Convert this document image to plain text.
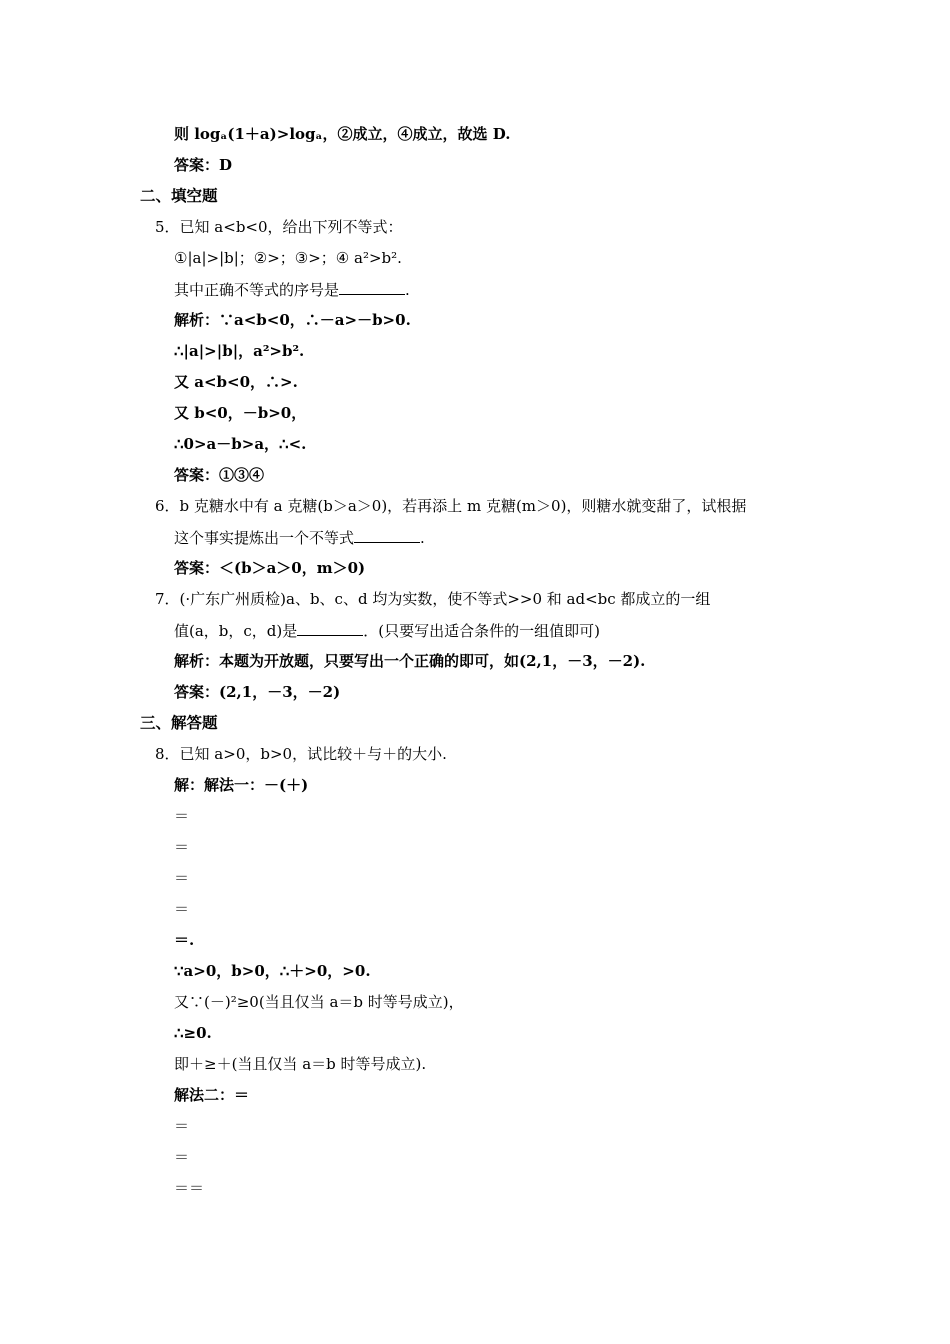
则 logₐ(1＋a)>logₐ，②成立，④成立，故选 D.
答案：D
二、填空题
5．已知 a<b<0，给出下列不等式：
①|a|>|b|；②>；③>；④ a²>b².
其中正确不等式的序号是	.
解析：∵a<b<0，∴－a>－b>0.
∴|a|>|b|，a²>b².
又 a<b<0，∴>.
又 b<0，－b>0，
∴0>a－b>a，∴<.
答案：①③④
6．b 克糖水中有 a 克糖(b＞a＞0)，若再添上 m 克糖(m＞0)，则糖水就变甜了，试根据
这个事实提炼出一个不等式	.
答案：＜(b＞a＞0，m＞0)
7．(·广东广州质检)a、b、c、d 均为实数，使不等式>>0 和 ad<bc 都成立的一组
值(a，b，c，d)是	．(只要写出适合条件的一组值即可)
解析：本题为开放题，只要写出一个正确的即可，如(2,1，－3，－2).
答案：(2,1，－3，－2)
三、解答题
8．已知 a>0，b>0，试比较＋与＋的大小.
解：解法一：－(＋)
＝
＝
＝
＝
＝.
∵a>0，b>0，∴＋>0，>0.
又∵(－)²≥0(当且仅当 a＝b 时等号成立)，
∴≥0.
即＋≥＋(当且仅当 a＝b 时等号成立).
解法二：＝
＝
＝
＝＝
